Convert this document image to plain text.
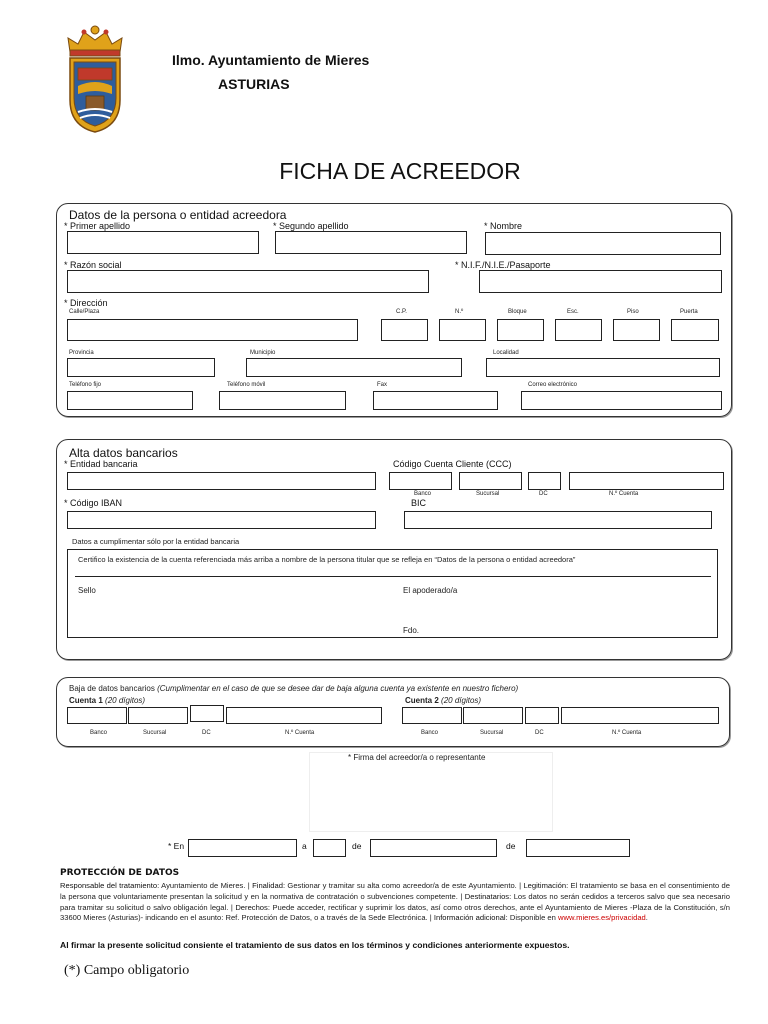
Ilmo. Ayuntamiento de Mieres
ASTURIAS
FICHA DE ACREEDOR
Datos de la persona o entidad acreedora
* Primer apellido	* Segundo apellido	* Nombre
* Razón social	* N.I.F./N.I.E./Pasaporte
* Dirección
Calle/Plaza	C.P.	N.º	Bloque	Esc.	Piso	Puerta
Provincia	Municipio	Localidad
Teléfono fijo	Teléfono móvil	Fax	Correo electrónico
Alta datos bancarios
* Entidad bancaria	Código Cuenta Cliente (CCC)
Banco	Sucursal	DC	N.º Cuenta
* Código IBAN	BIC
Datos a cumplimentar sólo por la entidad bancaria
Certifico la existencia de la cuenta referenciada más arriba a nombre de la persona titular que se refleja en “Datos de la persona o entidad acreedora”
Sello	El apoderado/a
Fdo.
Baja de datos bancarios (Cumplimentar en el caso de que se desee dar de baja alguna cuenta ya existente en nuestro fichero)
Cuenta 1 (20 dígitos)	Cuenta 2 (20 dígitos)
Banco	Sucursal	DC	N.º Cuenta	Banco	Sucursal	DC	N.º Cuenta
* Firma del acreedor/a o representante
* En	a	de	de
PROTECCIÓN DE DATOS
Responsable del tratamiento: Ayuntamiento de Mieres. | Finalidad: Gestionar y tramitar su alta como acreedor/a de este Ayuntamiento. | Legitimación: El tratamiento se basa en el consentimiento de la persona que voluntariamente presentan la solicitud y en la normativa de contratación o subvenciones competente. | Destinatarios: Los datos no serán cedidos a terceros salvo que sea necesario para tramitar su solicitud o salvo obligación legal. | Derechos: Puede acceder, rectificar y suprimir los datos, así como otros derechos, ante el Ayuntamiento de Mieres -Plaza de la Constitución, s/n 33600 Mieres (Asturias)- indicando en el asunto: Ref. Protección de Datos, o a través de la Sede Electrónica. | Información adicional: Disponible en www.mieres.es/privacidad.
Al firmar la presente solicitud consiente el tratamiento de sus datos en los términos y condiciones anteriormente expuestos.
(*) Campo obligatorio
